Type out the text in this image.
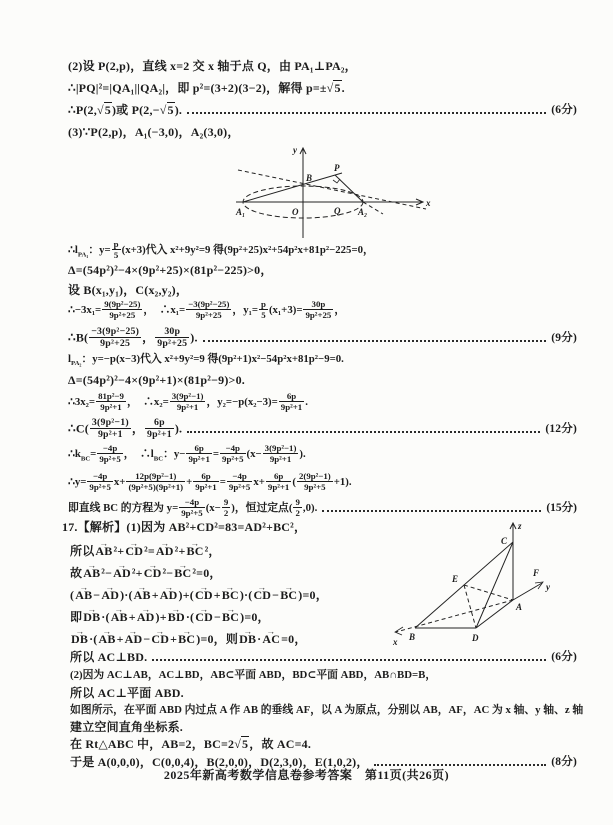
(2)设 P(2,p)，直线 x=2 交 x 轴于点 Q，由 PA₁⊥PA₂，
∴|PQ|²=|QA₁||QA₂|，即 p²=(3+2)(3−2)，解得 p=±√5.
∴P(2,√5)或 P(2,−√5).	(6分)
(3)∵P(2,p)，A₁(−3,0)，A₂(3,0)，
$\therefore l_{PA_1}$：$y= \frac{p}{5} (x+3)$代入 x²+9y²=9 得(9p²+25)x²+54p²x+81p²−225=0，
Δ=(54p²)²−4×(9p²+25)×(81p²−225)>0，
设 B(x₁,y₁)，C(x₂,y₂)，
∴−3x₁= $\frac{\text{9(9p²−25)}}{\text{9p²+25}}$ ，　∴x₁= $\frac{\text{−3(9p²−25)}}{\text{9p²+25}}$ ，$y_1= \frac{p}{5} (x_1+3)= \frac{30p}{\text{9p²+25}}$ ，
∴B( $\frac{\text{−3(9p²−25)}}{\text{9p²+25}}$ ， $\frac{30p}{\text{9p²+25}}$ ).	(9分)
$l_{PA_2}$：y=−p(x−3)代入 x²+9y²=9 得(9p²+1)x²−54p²x+81p²−9=0.
Δ=(54p²)²−4×(9p²+1)×(81p²−9)>0.
∴3x₂= $\frac{\text{81p²−9}}{\text{9p²+1}}$ ，　∴x₂= $\frac{\text{3(9p²−1)}}{\text{9p²+1}}$ ，$y_2=-p(x_2-3)= \frac{6p}{\text{9p²+1}}$ .
∴C( $\frac{\text{3(9p²−1)}}{\text{9p²+1}}$ ， $\frac{6p}{\text{9p²+1}}$ ).	(12分)
$\therefore k_{BC}= \frac{-4p}{\text{9p²+5}}$ ，　$\therefore l_{BC}$：$y- \frac{6p}{\text{9p²+1}} = \frac{-4p}{\text{9p²+5}} (x- \frac{\text{3(9p²−1)}}{\text{9p²+1}}$ ).
∴y= $\frac{-4p}{\text{9p²+5}} x+ \frac{\text{12p(9p²−1)}}{\text{(9p²+5)(9p²+1)}} + \frac{6p}{\text{9p²+1}} = \frac{-4p}{\text{9p²+5}} x+ \frac{6p}{\text{9p²+1}}$ ( $\frac{\text{2(9p²−1)}}{\text{9p²+5}} +1$).
即直线 BC 的方程为 $y= \frac{-4p}{\text{9p²+5}} (x- \frac{9}{2}$ )，恒过定点( $\frac{9}{2} ,0$).	(15分)
17.【解析】(1)因为 AB²+CD²=83=AD²+BC²，
所以→ AB²+→ CD²=→ AD²+→ BC²，
故→ AB²−→ AD²+→ CD²−→ BC²=0，
(→ AB−→ AD)·(→ AB+→ AD)+(→ CD+→ BC)·(→ CD−→ BC)=0，
即→ DB·(→ AB+→ AD)+→ BD·(→ CD−→ BC)=0，
→ DB·(→ AB+→ AD−→ CD+→ BC)=0，则→ DB·→ AC=0，
所以 AC⊥BD.	(6分)
(2)因为 AC⊥AB，AC⊥BD，AB⊂平面 ABD，BD⊂平面 ABD，AB∩BD=B，
所以 AC⊥平面 ABD.
如图所示，在平面 ABD 内过点 A 作 AB 的垂线 AF，以 A 为原点，分别以 AB，AF，AC 为 x 轴、y 轴、z 轴
建立空间直角坐标系.
在 Rt△ABC 中，AB=2，BC=2√5，故 AC=4.
于是 A(0,0,0)，C(0,0,4)，B(2,0,0)，D(2,3,0)，E(1,0,2)，	(8分)
y
x
O	Q
B
P
A₁	A₂
z
C
E
B	D
A
F
y
x
2025年新高考数学信息卷参考答案　第11页(共26页)
